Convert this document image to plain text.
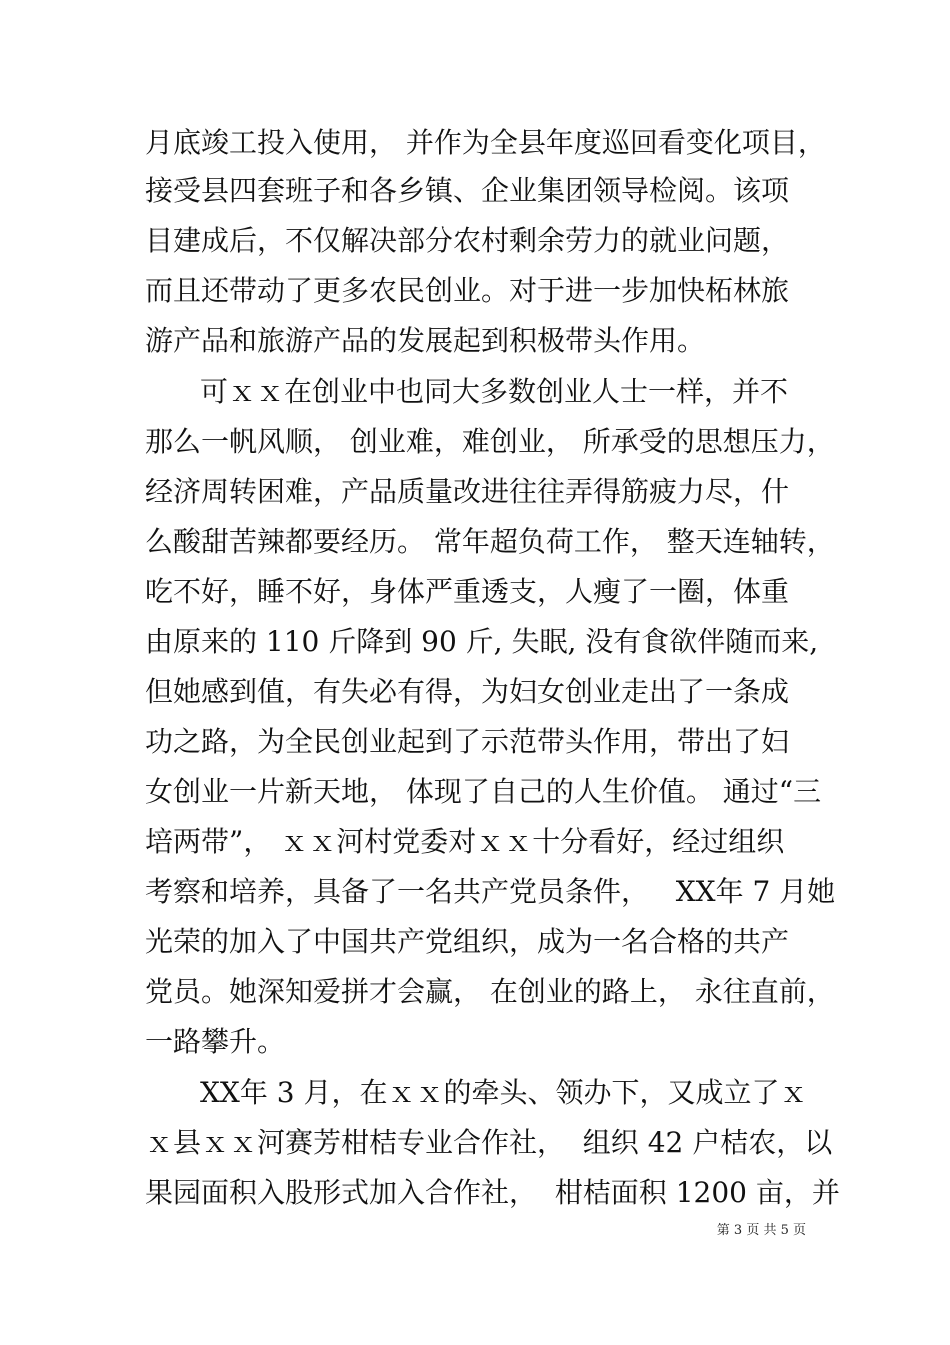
月底竣工投入使用， 并作为全县年度巡回看变化项目，
接受县四套班子和各乡镇、企业集团领导检阅。该项
目建成后，不仅解决部分农村剩余劳力的就业问题，
而且还带动了更多农民创业。对于进一步加快柘林旅
游产品和旅游产品的发展起到积极带头作用。
可ｘｘ在创业中也同大多数创业人士一样，并不
那么一帆风顺， 创业难，难创业， 所承受的思想压力，
经济周转困难，产品质量改进往往弄得筋疲力尽，什
么酸甜苦辣都要经历。 常年超负荷工作， 整天连轴转，
吃不好，睡不好，身体严重透支，人瘦了一圈，体重
由原来的 110 斤降到 90 斤, 失眠, 没有食欲伴随而来,
但她感到值，有失必有得，为妇女创业走出了一条成
功之路，为全民创业起到了示范带头作用，带出了妇
女创业一片新天地， 体现了自己的人生价值。 通过“三
培两带”， ｘｘ河村党委对ｘｘ十分看好，经过组织
考察和培养，具备了一名共产党员条件，   XX年 7 月她
光荣的加入了中国共产党组织，成为一名合格的共产
党员。她深知爱拼才会赢， 在创业的路上， 永往直前，
一路攀升。
XX年 3 月，在ｘｘ的牵头、领办下，又成立了ｘ
ｘ县ｘｘ河赛芳柑桔专业合作社，  组织 42 户桔农，以
果园面积入股形式加入合作社，  柑桔面积 1200 亩，并
第 3 页 共 5 页
